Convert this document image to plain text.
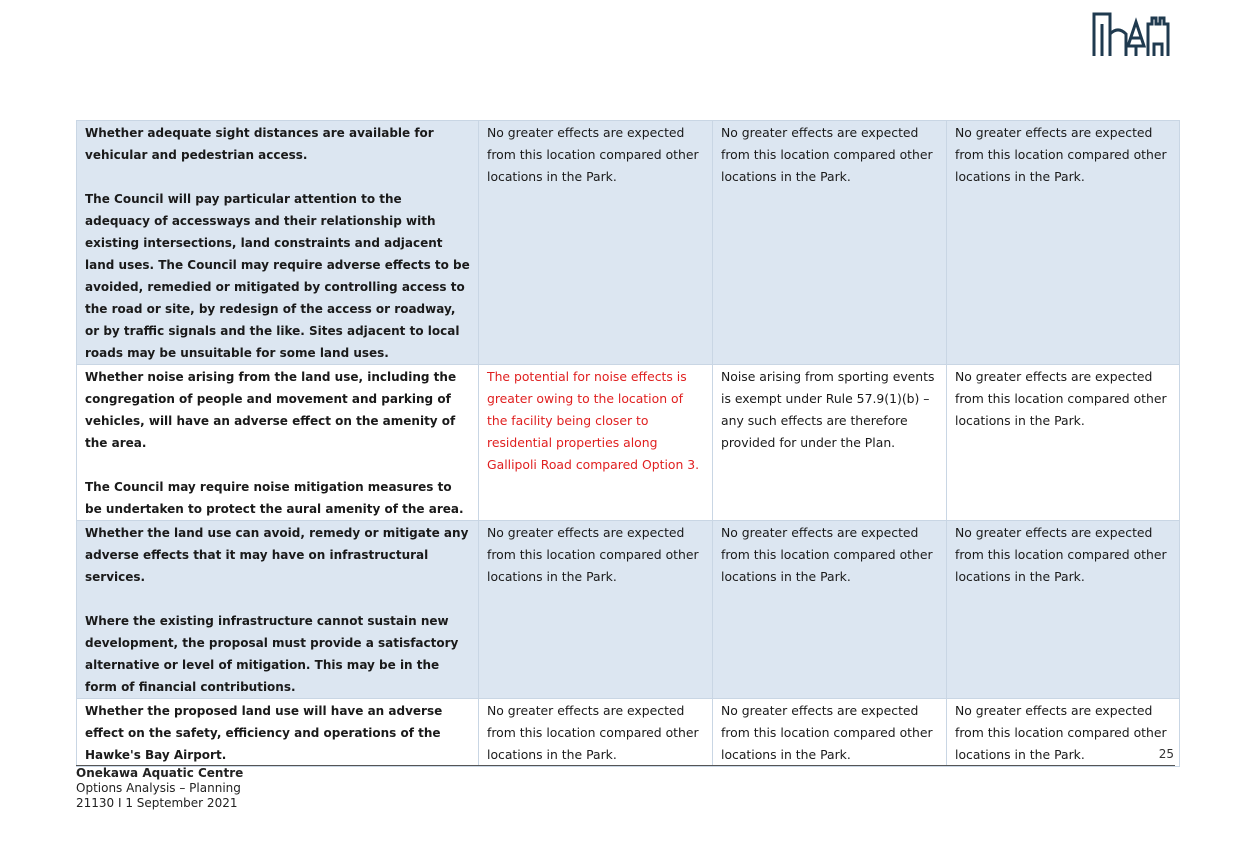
Whether adequate sight distances are available for vehicular and pedestrian access.

The Council will pay particular attention to the adequacy of accessways and their relationship with existing intersections, land constraints and adjacent land uses. The Council may require adverse effects to be avoided, remedied or mitigated by controlling access to the road or site, by redesign of the access or roadway, or by traffic signals and the like. Sites adjacent to local roads may be unsuitable for some land uses.	No greater effects are expected from this location compared other locations in the Park.	No greater effects are expected from this location compared other locations in the Park.	No greater effects are expected from this location compared other locations in the Park.

Whether noise arising from the land use, including the congregation of people and movement and parking of vehicles, will have an adverse effect on the amenity of the area.

The Council may require noise mitigation measures to be undertaken to protect the aural amenity of the area.	The potential for noise effects is greater owing to the location of the facility being closer to residential properties along Gallipoli Road compared Option 3.	Noise arising from sporting events is exempt under Rule 57.9(1)(b) – any such effects are therefore provided for under the Plan.	No greater effects are expected from this location compared other locations in the Park.

Whether the land use can avoid, remedy or mitigate any adverse effects that it may have on infrastructural services.

Where the existing infrastructure cannot sustain new development, the proposal must provide a satisfactory alternative or level of mitigation. This may be in the form of financial contributions.	No greater effects are expected from this location compared other locations in the Park.	No greater effects are expected from this location compared other locations in the Park.	No greater effects are expected from this location compared other locations in the Park.

Whether the proposed land use will have an adverse effect on the safety, efficiency and operations of the Hawke's Bay Airport.	No greater effects are expected from this location compared other locations in the Park.	No greater effects are expected from this location compared other locations in the Park.	No greater effects are expected from this location compared other locations in the Park.	25
Onekawa Aquatic Centre
Options Analysis – Planning
21130 I 1 September 2021
